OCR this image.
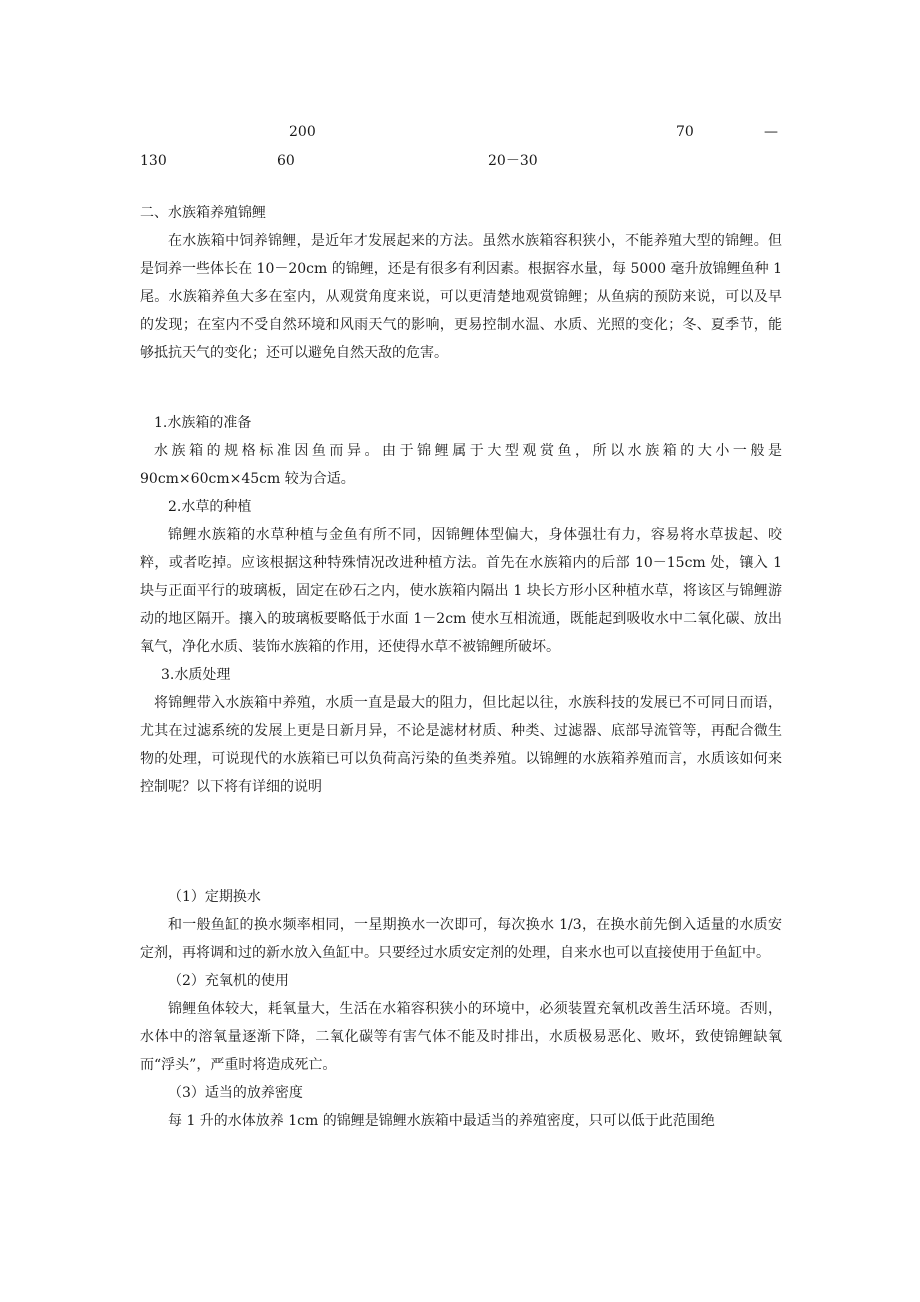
200	70	—
130	60	20－30

二、水族箱养殖锦鲤

在水族箱中饲养锦鲤，是近年才发展起来的方法。虽然水族箱容积狭小，不能养殖大型的锦鲤。但是饲养一些体长在 10－20cm 的锦鲤，还是有很多有利因素。根据容水量，每 5000 毫升放锦鲤鱼种 1 尾。水族箱养鱼大多在室内，从观赏角度来说，可以更清楚地观赏锦鲤；从鱼病的预防来说，可以及早的发现；在室内不受自然环境和风雨天气的影响，更易控制水温、水质、光照的变化；冬、夏季节，能够抵抗天气的变化；还可以避免自然天敌的危害。

1.水族箱的准备

水族箱的规格标准因鱼而异。由于锦鲤属于大型观赏鱼，所以水族箱的大小一般是90cm×60cm×45cm 较为合适。

2.水草的种植

锦鲤水族箱的水草种植与金鱼有所不同，因锦鲤体型偏大，身体强壮有力，容易将水草拔起、咬粹，或者吃掉。应该根据这种特殊情况改进种植方法。首先在水族箱内的后部 10－15cm 处，镶入 1 块与正面平行的玻璃板，固定在砂石之内，使水族箱内隔出 1 块长方形小区种植水草，将该区与锦鲤游动的地区隔开。攘入的玻璃板要略低于水面 1－2cm 使水互相流通，既能起到吸收水中二氧化碳、放出氧气，净化水质、装饰水族箱的作用，还使得水草不被锦鲤所破坏。

3.水质处理

将锦鲤带入水族箱中养殖，水质一直是最大的阻力，但比起以往，水族科技的发展已不可同日而语，尤其在过滤系统的发展上更是日新月异，不论是滤材材质、种类、过滤器、底部导流管等，再配合微生物的处理，可说现代的水族箱已可以负荷高污染的鱼类养殖。以锦鲤的水族箱养殖而言，水质该如何来控制呢？以下将有详细的说明

（1）定期换水

和一般鱼缸的换水频率相同，一星期换水一次即可，每次换水 1/3，在换水前先倒入适量的水质安定剂，再将调和过的新水放入鱼缸中。只要经过水质安定剂的处理，自来水也可以直接使用于鱼缸中。

（2）充氧机的使用

锦鲤鱼体较大，耗氧量大，生活在水箱容积狭小的环境中，必须装置充氧机改善生活环境。否则，水体中的溶氧量逐渐下降，二氧化碳等有害气体不能及时排出，水质极易恶化、败坏，致使锦鲤缺氧而“浮头”，严重时将造成死亡。

（3）适当的放养密度

每 1 升的水体放养 1cm 的锦鲤是锦鲤水族箱中最适当的养殖密度，只可以低于此范围绝
